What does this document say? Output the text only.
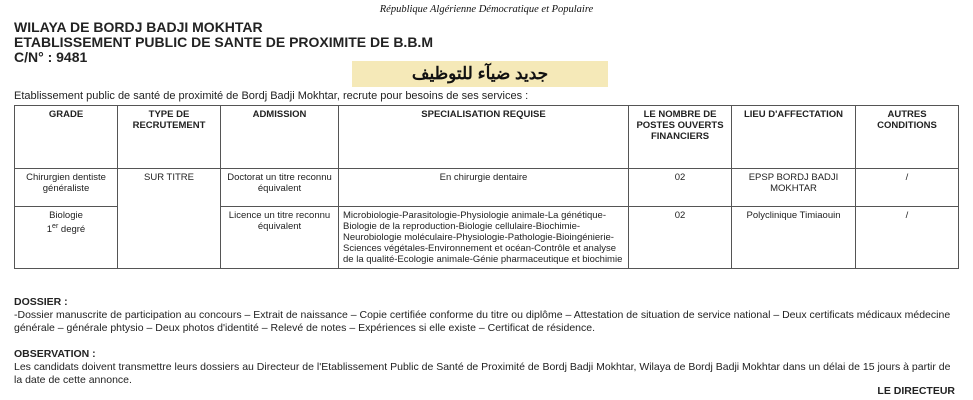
République Algérienne Démocratique et Populaire
WILAYA DE BORDJ BADJI MOKHTAR
ETABLISSEMENT PUBLIC DE SANTE DE PROXIMITE DE B.B.M
C/N° : 9481
جديد ضيآء للتوظيف
Etablissement public de santé de proximité de Bordj Badji Mokhtar, recrute pour besoins de ses services :
GRADE	TYPE DE RECRUTEMENT	ADMISSION	SPECIALISATION REQUISE	LE NOMBRE DE POSTES OUVERTS FINANCIERS	LIEU D'AFFECTATION	AUTRES CONDITIONS
Chirurgien dentiste généraliste	SUR TITRE	Doctorat un titre reconnu équivalent	En chirurgie dentaire	02	EPSP BORDJ BADJI MOKHTAR	/

Biologie
1er degré		Licence un titre reconnu équivalent	Microbiologie-Parasitologie-Physiologie animale-La génétique-Biologie de la reproduction-Biologie cellulaire-Biochimie-Neurobiologie moléculaire-Physiologie-Pathologie-Bioingénierie- Sciences végétales-Environnement et océan-Contrôle et analyse de la qualité-Ecologie animale-Génie pharmaceutique et biochimie	02	Polyclinique Timiaouin	/
DOSSIER :
-Dossier manuscrite de participation au concours – Extrait de naissance – Copie certifiée conforme du titre ou diplôme – Attestation de situation de service national – Deux certificats médicaux médecine générale – générale phtysio – Deux photos d'identité – Relevé de notes – Expériences si elle existe – Certificat de résidence.
OBSERVATION :
Les candidats doivent transmettre leurs dossiers au Directeur de l'Etablissement Public de Santé de Proximité de Bordj Badji Mokhtar, Wilaya de Bordj Badji Mokhtar dans un délai de 15 jours à partir de la date de cette annonce.
LE DIRECTEUR
